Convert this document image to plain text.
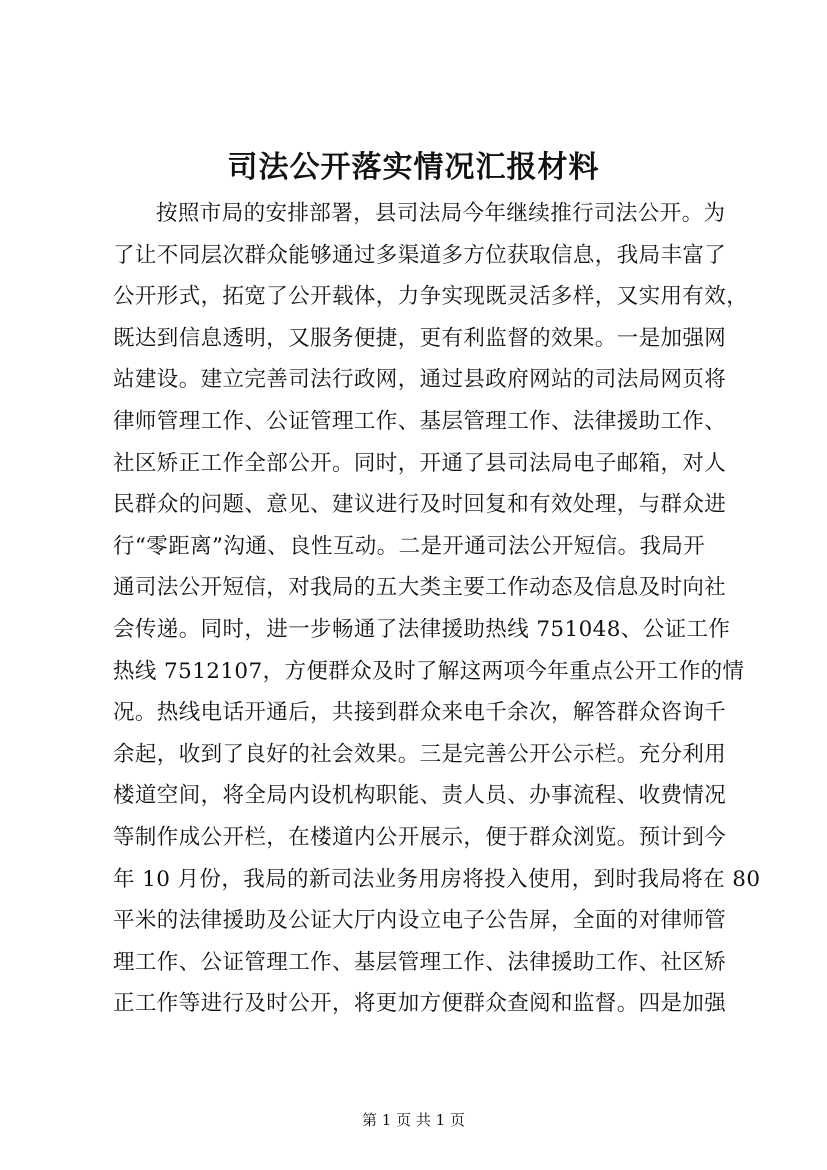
司法公开落实情况汇报材料
按照市局的安排部署，县司法局今年继续推行司法公开。为
了让不同层次群众能够通过多渠道多方位获取信息，我局丰富了
公开形式，拓宽了公开载体，力争实现既灵活多样，又实用有效，
既达到信息透明，又服务便捷，更有利监督的效果。一是加强网
站建设。建立完善司法行政网，通过县政府网站的司法局网页将
律师管理工作、公证管理工作、基层管理工作、法律援助工作、
社区矫正工作全部公开。同时，开通了县司法局电子邮箱，对人
民群众的问题、意见、建议进行及时回复和有效处理，与群众进
行“零距离”沟通、良性互动。二是开通司法公开短信。我局开
通司法公开短信，对我局的五大类主要工作动态及信息及时向社
会传递。同时，进一步畅通了法律援助热线 751048、公证工作
热线 7512107，方便群众及时了解这两项今年重点公开工作的情
况。热线电话开通后，共接到群众来电千余次，解答群众咨询千
余起，收到了良好的社会效果。三是完善公开公示栏。充分利用
楼道空间，将全局内设机构职能、责人员、办事流程、收费情况
等制作成公开栏，在楼道内公开展示，便于群众浏览。预计到今
年 10 月份，我局的新司法业务用房将投入使用，到时我局将在 80
平米的法律援助及公证大厅内设立电子公告屏，全面的对律师管
理工作、公证管理工作、基层管理工作、法律援助工作、社区矫
正工作等进行及时公开，将更加方便群众查阅和监督。四是加强
第 1 页 共 1 页
